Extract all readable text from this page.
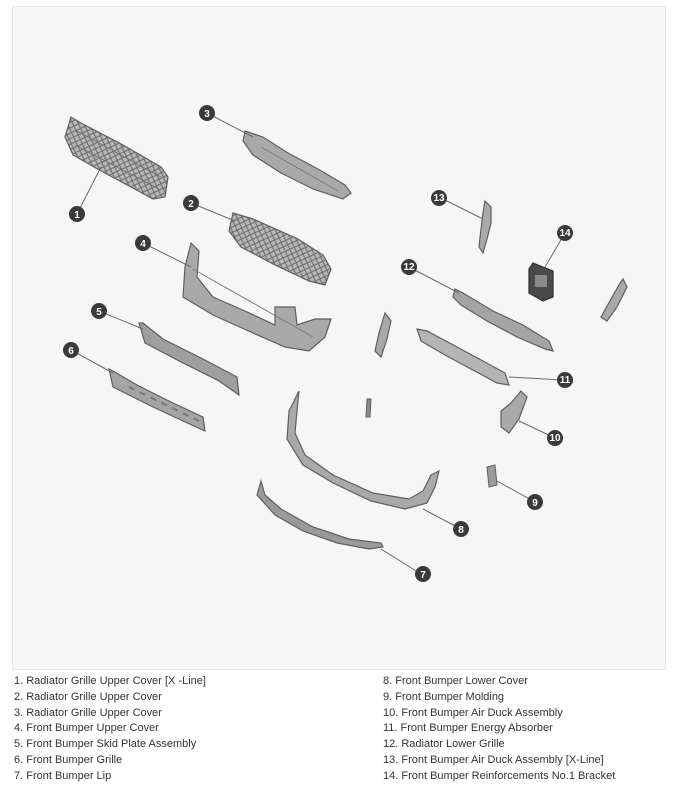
1
2
3
4
5
6
7
8
9
10
11
12
13
14
1. Radiator Grille Upper Cover [X -Line]
2. Radiator Grille Upper Cover
3. Radiator Grille Upper Cover
4. Front Bumper Upper Cover
5. Front Bumper Skid Plate Assembly
6. Front Bumper Grille
7. Front Bumper Lip
8. Front Bumper Lower Cover
9. Front Bumper Molding
10. Front Bumper Air Duck Assembly
11. Front Bumper Energy Absorber
12. Radiator Lower Grille
13. Front Bumper Air Duck Assembly [X-Line]
14. Front Bumper Reinforcements No.1 Bracket
